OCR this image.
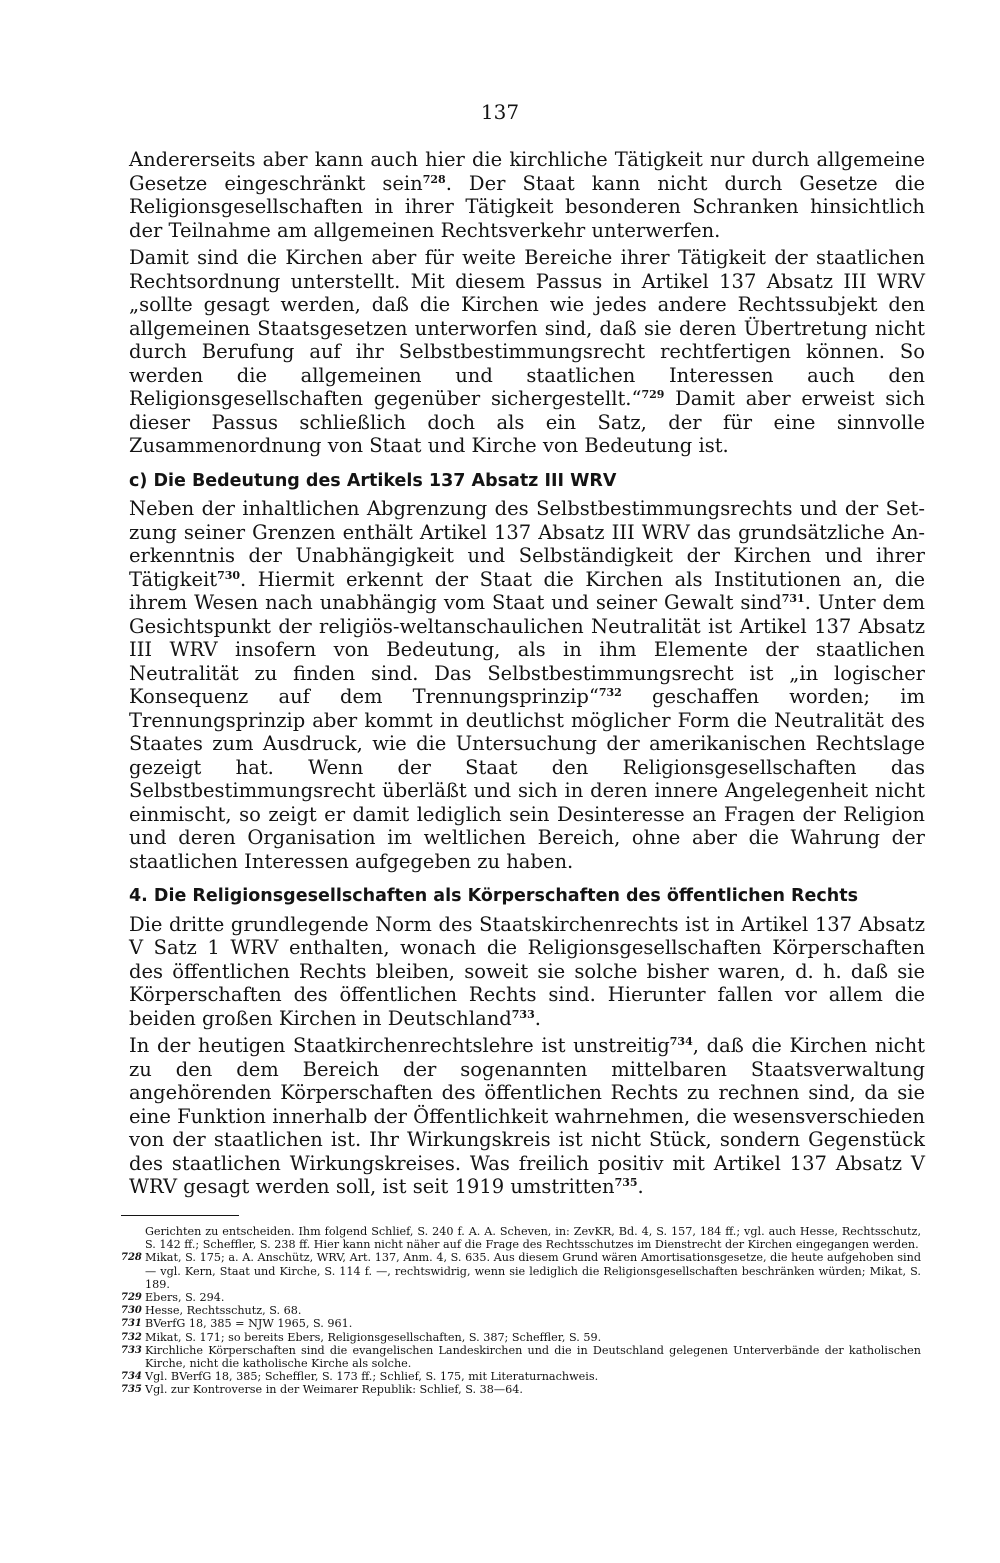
137

Andererseits aber kann auch hier die kirchliche Tätigkeit nur durch allgemeine Gesetze eingeschränkt sein$^{728}$. Der Staat kann nicht durch Gesetze die Religionsgesellschaften in ihrer Tätigkeit besonderen Schranken hinsichtlich der Teilnahme am allgemeinen Rechtsverkehr unterwerfen.

Damit sind die Kirchen aber für weite Bereiche ihrer Tätigkeit der staatlichen Rechtsordnung unterstellt. Mit diesem Passus in Artikel 137 Absatz III WRV „sollte gesagt werden, daß die Kirchen wie jedes andere Rechtssubjekt den allgemeinen Staatsgesetzen unterworfen sind, daß sie deren Übertretung nicht durch Berufung auf ihr Selbstbestimmungsrecht rechtfertigen können. So werden die allgemeinen und staatlichen Interessen auch den Religionsgesellschaften gegenüber sichergestellt.“$^{729}$ Damit aber erweist sich dieser Passus schließlich doch als ein Satz, der für eine sinnvolle Zusammenordnung von Staat und Kirche von Bedeutung ist.

c) Die Bedeutung des Artikels 137 Absatz III WRV

Neben der inhaltlichen Abgrenzung des Selbstbestimmungsrechts und der Setzung seiner Grenzen enthält Artikel 137 Absatz III WRV das grundsätzliche Anerkenntnis der Unabhängigkeit und Selbständigkeit der Kirchen und ihrer Tätigkeit$^{730}$. Hiermit erkennt der Staat die Kirchen als Institutionen an, die ihrem Wesen nach unabhängig vom Staat und seiner Gewalt sind$^{731}$. Unter dem Gesichtspunkt der religiös-weltanschaulichen Neutralität ist Artikel 137 Absatz III WRV insofern von Bedeutung, als in ihm Elemente der staatlichen Neutralität zu finden sind. Das Selbstbestimmungsrecht ist „in logischer Konsequenz auf dem Trennungsprinzip“$^{732}$ geschaffen worden; im Trennungsprinzip aber kommt in deutlichst möglicher Form die Neutralität des Staates zum Ausdruck, wie die Untersuchung der amerikanischen Rechtslage gezeigt hat. Wenn der Staat den Religionsgesellschaften das Selbstbestimmungsrecht überläßt und sich in deren innere Angelegenheit nicht einmischt, so zeigt er damit lediglich sein Desinteresse an Fragen der Religion und deren Organisation im weltlichen Bereich, ohne aber die Wahrung der staatlichen Interessen aufgegeben zu haben.

4. Die Religionsgesellschaften als Körperschaften des öffentlichen Rechts

Die dritte grundlegende Norm des Staatskirchenrechts ist in Artikel 137 Absatz V Satz 1 WRV enthalten, wonach die Religionsgesellschaften Körperschaften des öffentlichen Rechts bleiben, soweit sie solche bisher waren, d. h. daß sie Körperschaften des öffentlichen Rechts sind. Hierunter fallen vor allem die beiden großen Kirchen in Deutschland$^{733}$.

In der heutigen Staatkirchenrechtslehre ist unstreitig$^{734}$, daß die Kirchen nicht zu den dem Bereich der sogenannten mittelbaren Staatsverwaltung angehörenden Körperschaften des öffentlichen Rechts zu rechnen sind, da sie eine Funktion innerhalb der Öffentlichkeit wahrnehmen, die wesensverschieden von der staatlichen ist. Ihr Wirkungskreis ist nicht Stück, sondern Gegenstück des staatlichen Wirkungskreises. Was freilich positiv mit Artikel 137 Absatz V WRV gesagt werden soll, ist seit 1919 umstritten$^{735}$.

Gerichten zu entscheiden. Ihm folgend Schlief, S. 240 f. A. A. Scheven, in: ZevKR, Bd. 4, S. 157, 184 ff.; vgl. auch Hesse, Rechtsschutz, S. 142 ff.; Scheffler, S. 238 ff. Hier kann nicht näher auf die Frage des Rechtsschutzes im Dienstrecht der Kirchen eingegangen werden.

728 Mikat, S. 175; a. A. Anschütz, WRV, Art. 137, Anm. 4, S. 635. Aus diesem Grund wären Amortisationsgesetze, die heute aufgehoben sind — vgl. Kern, Staat und Kirche, S. 114 f. —, rechtswidrig, wenn sie lediglich die Religionsgesellschaften beschränken würden; Mikat, S. 189.
729 Ebers, S. 294.
730 Hesse, Rechtsschutz, S. 68.
731 BVerfG 18, 385 = NJW 1965, S. 961.
732 Mikat, S. 171; so bereits Ebers, Religionsgesellschaften, S. 387; Scheffler, S. 59.
733 Kirchliche Körperschaften sind die evangelischen Landeskirchen und die in Deutschland gelegenen Unterverbände der katholischen Kirche, nicht die katholische Kirche als solche.
734 Vgl. BVerfG 18, 385; Scheffler, S. 173 ff.; Schlief, S. 175, mit Literaturnachweis.
735 Vgl. zur Kontroverse in der Weimarer Republik: Schlief, S. 38—64.
